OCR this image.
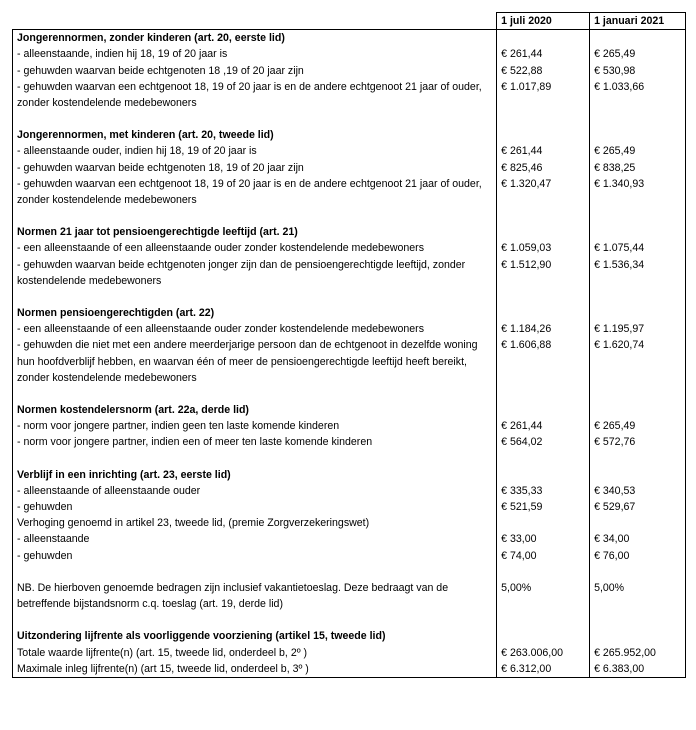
	1 juli 2020	1 januari 2021
Jongerennormen, zonder kinderen (art. 20, eerste lid)		
- alleenstaande, indien hij 18, 19 of 20 jaar is	€ 261,44	€ 265,49
- gehuwden waarvan beide echtgenoten 18 ,19 of 20 jaar zijn	€ 522,88	€ 530,98
- gehuwden waarvan een echtgenoot 18, 19 of 20 jaar is en de andere echtgenoot 21 jaar of ouder, zonder kostendelende medebewoners	€ 1.017,89	€ 1.033,66

Jongerennormen, met kinderen (art. 20, tweede lid)		
- alleenstaande ouder, indien hij 18, 19 of 20 jaar is	€ 261,44	€ 265,49
- gehuwden waarvan beide echtgenoten 18, 19 of 20 jaar zijn	€ 825,46	€ 838,25
- gehuwden waarvan een echtgenoot 18, 19 of 20 jaar is en de andere echtgenoot 21 jaar of ouder, zonder kostendelende medebewoners	€ 1.320,47	€ 1.340,93

Normen 21 jaar tot pensioengerechtigde leeftijd (art. 21)		
- een alleenstaande of een alleenstaande ouder zonder kostendelende medebewoners	€ 1.059,03	€ 1.075,44
- gehuwden waarvan beide echtgenoten jonger zijn dan de pensioengerechtigde leeftijd, zonder kostendelende medebewoners	€ 1.512,90	€ 1.536,34

Normen pensioengerechtigden (art. 22)		
- een alleenstaande of een alleenstaande ouder zonder kostendelende medebewoners	€ 1.184,26	€ 1.195,97
- gehuwden die niet met een andere meerderjarige persoon dan de echtgenoot in dezelfde woning hun hoofdverblijf hebben, en waarvan één of meer de pensioengerechtigde leeftijd heeft bereikt, zonder kostendelende medebewoners	€ 1.606,88	€ 1.620,74

Normen kostendelersnorm (art. 22a, derde lid)		
- norm voor jongere partner, indien geen ten laste komende kinderen	€ 261,44	€ 265,49
- norm voor jongere partner, indien een of meer ten laste komende kinderen	€ 564,02	€ 572,76

Verblijf in een inrichting (art. 23, eerste lid)		
- alleenstaande of alleenstaande ouder	€ 335,33	€ 340,53
- gehuwden	€ 521,59	€ 529,67
Verhoging genoemd in artikel 23, tweede lid, (premie Zorgverzekeringswet)		
- alleenstaande	€ 33,00	€ 34,00
- gehuwden	€ 74,00	€ 76,00

NB. De hierboven genoemde bedragen zijn inclusief vakantietoeslag. Deze bedraagt van de betreffende bijstandsnorm c.q. toeslag (art. 19, derde lid)	5,00%	5,00%

Uitzondering lijfrente als voorliggende voorziening (artikel 15, tweede lid)		
Totale waarde lijfrente(n) (art. 15, tweede lid, onderdeel b, 2º )	€ 263.006,00	€ 265.952,00
Maximale inleg lijfrente(n) (art 15, tweede lid, onderdeel b, 3º )	€ 6.312,00	€ 6.383,00
